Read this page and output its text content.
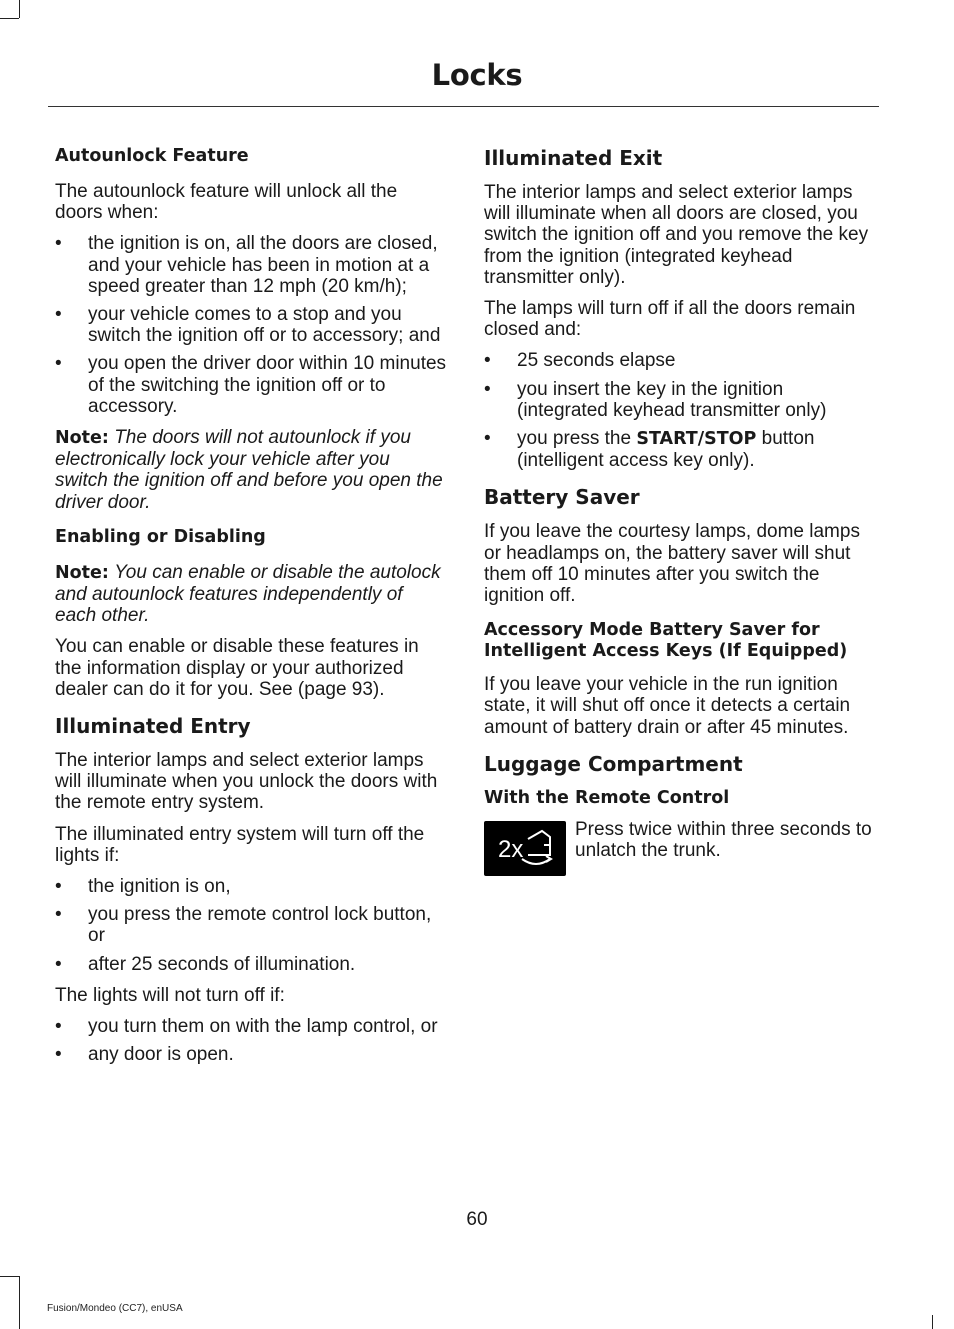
Locks
Autounlock Feature
The autounlock feature will unlock all the doors when:
• the ignition is on, all the doors are closed, and your vehicle has been in motion at a speed greater than 12 mph (20 km/h);
• your vehicle comes to a stop and you switch the ignition off or to accessory; and
• you open the driver door within 10 minutes of the switching the ignition off or to accessory.
Note: The doors will not autounlock if you electronically lock your vehicle after you switch the ignition off and before you open the driver door.
Enabling or Disabling
Note: You can enable or disable the autolock and autounlock features independently of each other.
You can enable or disable these features in the information display or your authorized dealer can do it for you. See (page 93).
Illuminated Entry
The interior lamps and select exterior lamps will illuminate when you unlock the doors with the remote entry system.
The illuminated entry system will turn off the lights if:
• the ignition is on,
• you press the remote control lock button, or
• after 25 seconds of illumination.
The lights will not turn off if:
• you turn them on with the lamp control, or
• any door is open.
Illuminated Exit
The interior lamps and select exterior lamps will illuminate when all doors are closed, you switch the ignition off and you remove the key from the ignition (integrated keyhead transmitter only).
The lamps will turn off if all the doors remain closed and:
• 25 seconds elapse
• you insert the key in the ignition (integrated keyhead transmitter only)
• you press the START/STOP button (intelligent access key only).
Battery Saver
If you leave the courtesy lamps, dome lamps or headlamps on, the battery saver will shut them off 10 minutes after you switch the ignition off.
Accessory Mode Battery Saver for Intelligent Access Keys (If Equipped)
If you leave your vehicle in the run ignition state, it will shut off once it detects a certain amount of battery drain or after 45 minutes.
Luggage Compartment
With the Remote Control
2x
Press twice within three seconds to unlatch the trunk.
60
Fusion/Mondeo (CC7), enUSA
